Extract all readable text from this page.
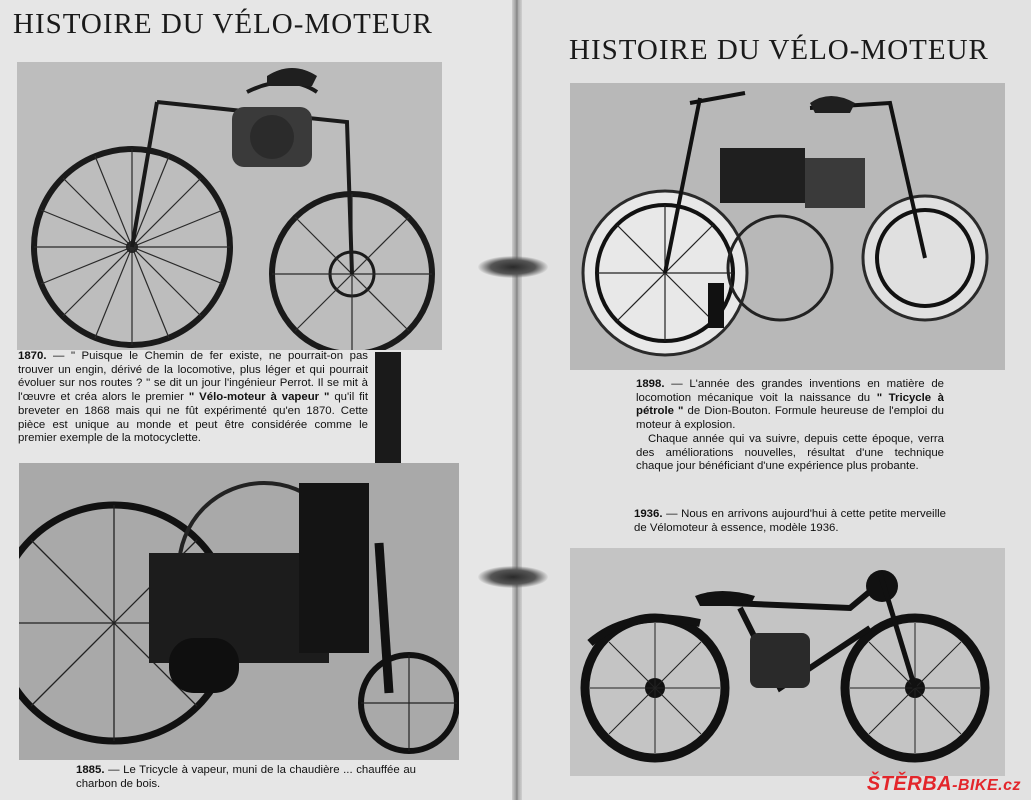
HISTOIRE DU VÉLO-MOTEUR
HISTOIRE DU VÉLO-MOTEUR
1870. — " Puisque le Chemin de fer existe, ne pourrait-on pas trouver un engin, dérivé de la locomotive, plus léger et qui pourrait évoluer sur nos routes ? " se dit un jour l'ingénieur Perrot. Il se mit à l'œuvre et créa alors le premier " Vélo-moteur à vapeur " qu'il fit breveter en 1868 mais qui ne fût expérimenté qu'en 1870. Cette pièce est unique au monde et peut être considérée comme le premier exemple de la motocyclette.
1885. — Le Tricycle à vapeur, muni de la chaudière ... chauffée au charbon de bois.

1898. — L'année des grandes inventions en matière de locomotion mécanique voit la naissance du " Tricycle à pétrole " de Dion-Bouton. Formule heureuse de l'emploi du moteur à explosion.

Chaque année qui va suivre, depuis cette époque, verra des améliorations nouvelles, résultat d'une technique chaque jour bénéficiant d'une expérience plus probante.

1936. — Nous en arrivons aujourd'hui à cette petite merveille de Vélomoteur à essence, modèle 1936.
ŠTĚRBA-BIKE.cz
